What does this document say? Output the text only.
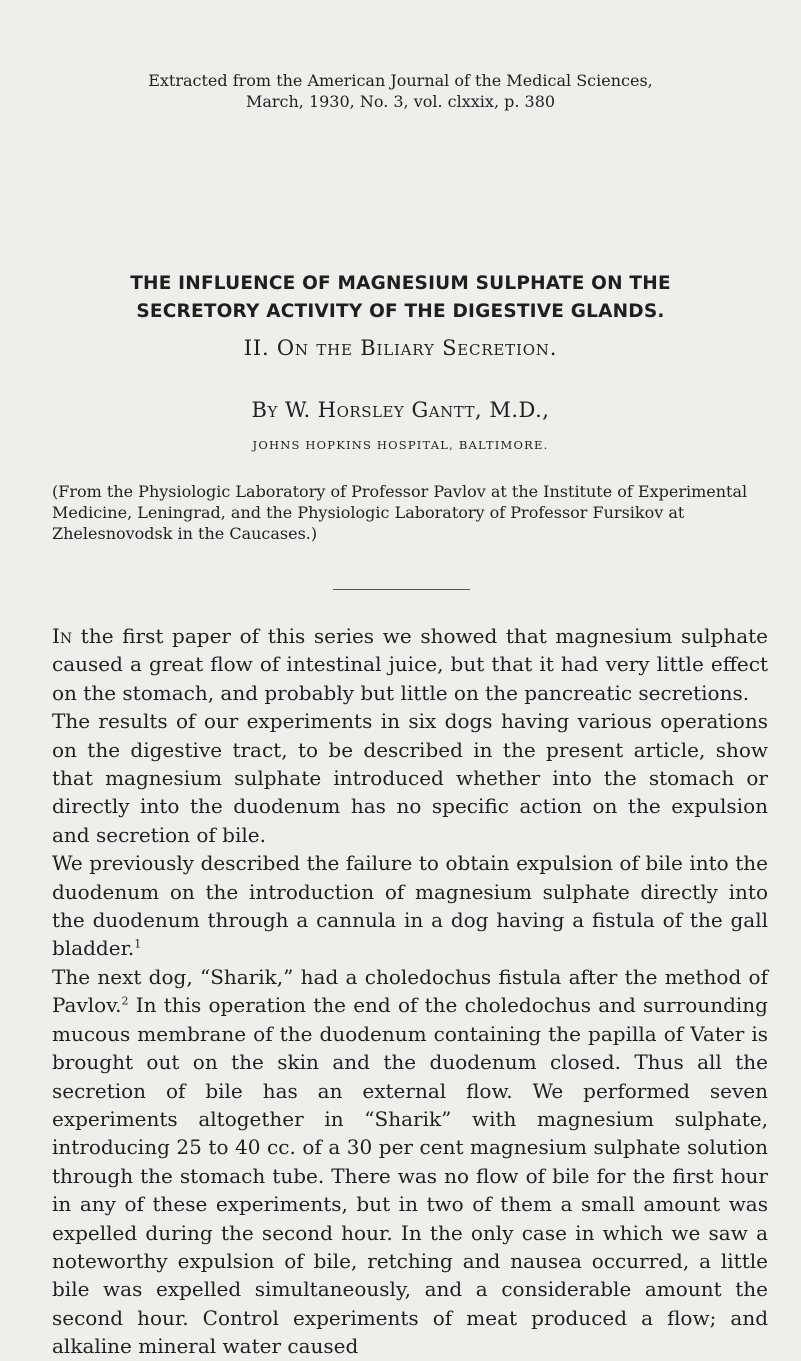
Extracted from the American Journal of the Medical Sciences,
March, 1930, No. 3, vol. clxxix, p. 380
THE INFLUENCE OF MAGNESIUM SULPHATE ON THE
SECRETORY ACTIVITY OF THE DIGESTIVE GLANDS.
II. On the Biliary Secretion.
By W. Horsley Gantt, M.D.,
JOHNS HOPKINS HOSPITAL, BALTIMORE.
(From the Physiologic Laboratory of Professor Pavlov at the Institute of Experimental Medicine, Leningrad, and the Physiologic Laboratory of Professor Fursikov at Zhelesnovodsk in the Caucases.)

In the first paper of this series we showed that magnesium sulphate caused a great flow of intestinal juice, but that it had very little effect on the stomach, and probably but little on the pancreatic secretions.

The results of our experiments in six dogs having various operations on the digestive tract, to be described in the present article, show that magnesium sulphate introduced whether into the stomach or directly into the duodenum has no specific action on the expulsion and secretion of bile.

We previously described the failure to obtain expulsion of bile into the duodenum on the introduction of magnesium sulphate directly into the duodenum through a cannula in a dog having a fistula of the gall bladder.$^1$

The next dog, “Sharik,” had a choledochus fistula after the method of Pavlov.$^2$ In this operation the end of the choledochus and surrounding mucous membrane of the duodenum containing the papilla of Vater is brought out on the skin and the duodenum closed. Thus all the secretion of bile has an external flow. We performed seven experiments altogether in “Sharik” with magnesium sulphate, introducing 25 to 40 cc. of a 30 per cent magnesium sulphate solution through the stomach tube. There was no flow of bile for the first hour in any of these experiments, but in two of them a small amount was expelled during the second hour. In the only case in which we saw a noteworthy expulsion of bile, retching and nausea occurred, a little bile was expelled simultaneously, and a considerable amount the second hour. Control experiments of meat produced a flow; and alkaline mineral water caused
